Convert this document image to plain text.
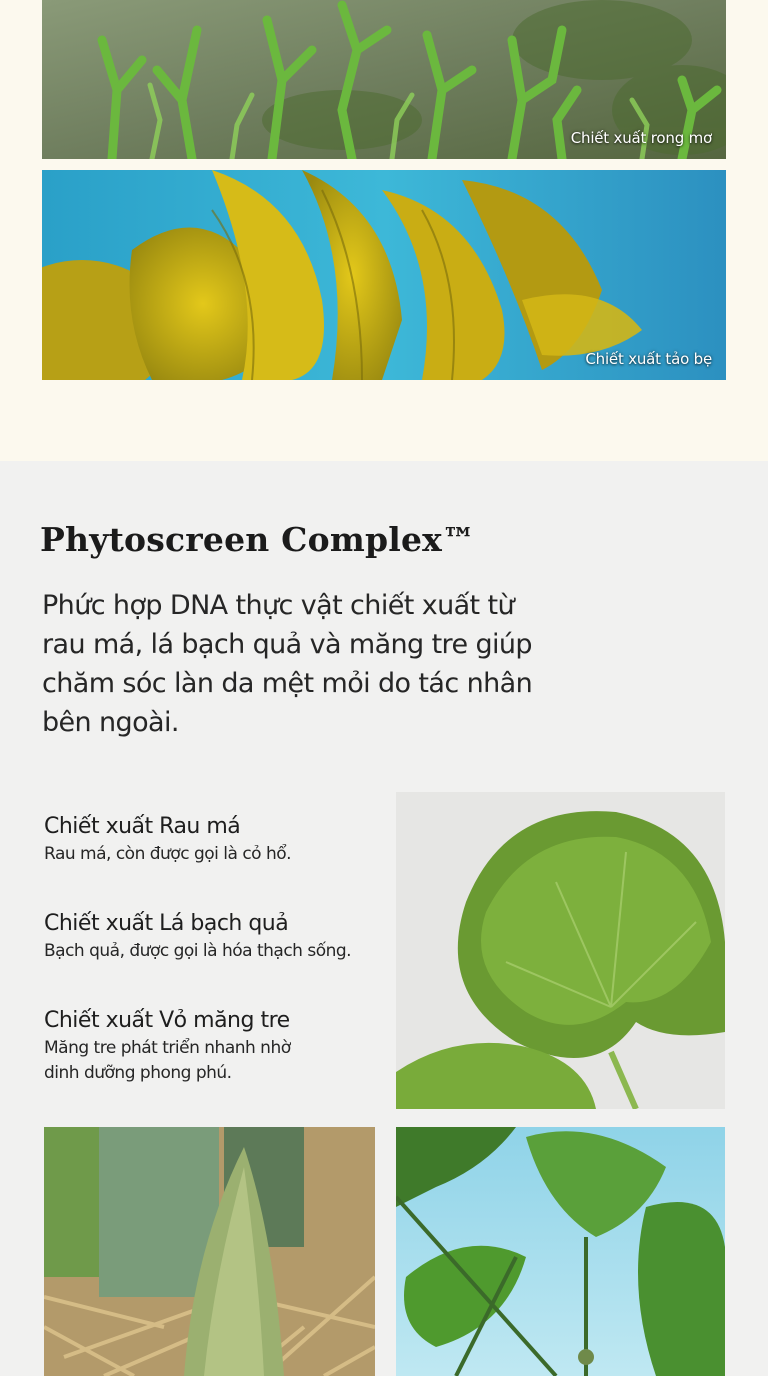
Chiết xuất rong mơ
Chiết xuất tảo bẹ
Phytoscreen Complex™

Phức hợp DNA thực vật chiết xuất từ rau má, lá bạch quả và măng tre giúp chăm sóc làn da mệt mỏi do tác nhân bên ngoài.

Chiết xuất Rau má
Rau má, còn được gọi là cỏ hổ.
Chiết xuất Lá bạch quả
Bạch quả, được gọi là hóa thạch sống.
Chiết xuất Vỏ măng tre
Măng tre phát triển nhanh nhờ
dinh dưỡng phong phú.
